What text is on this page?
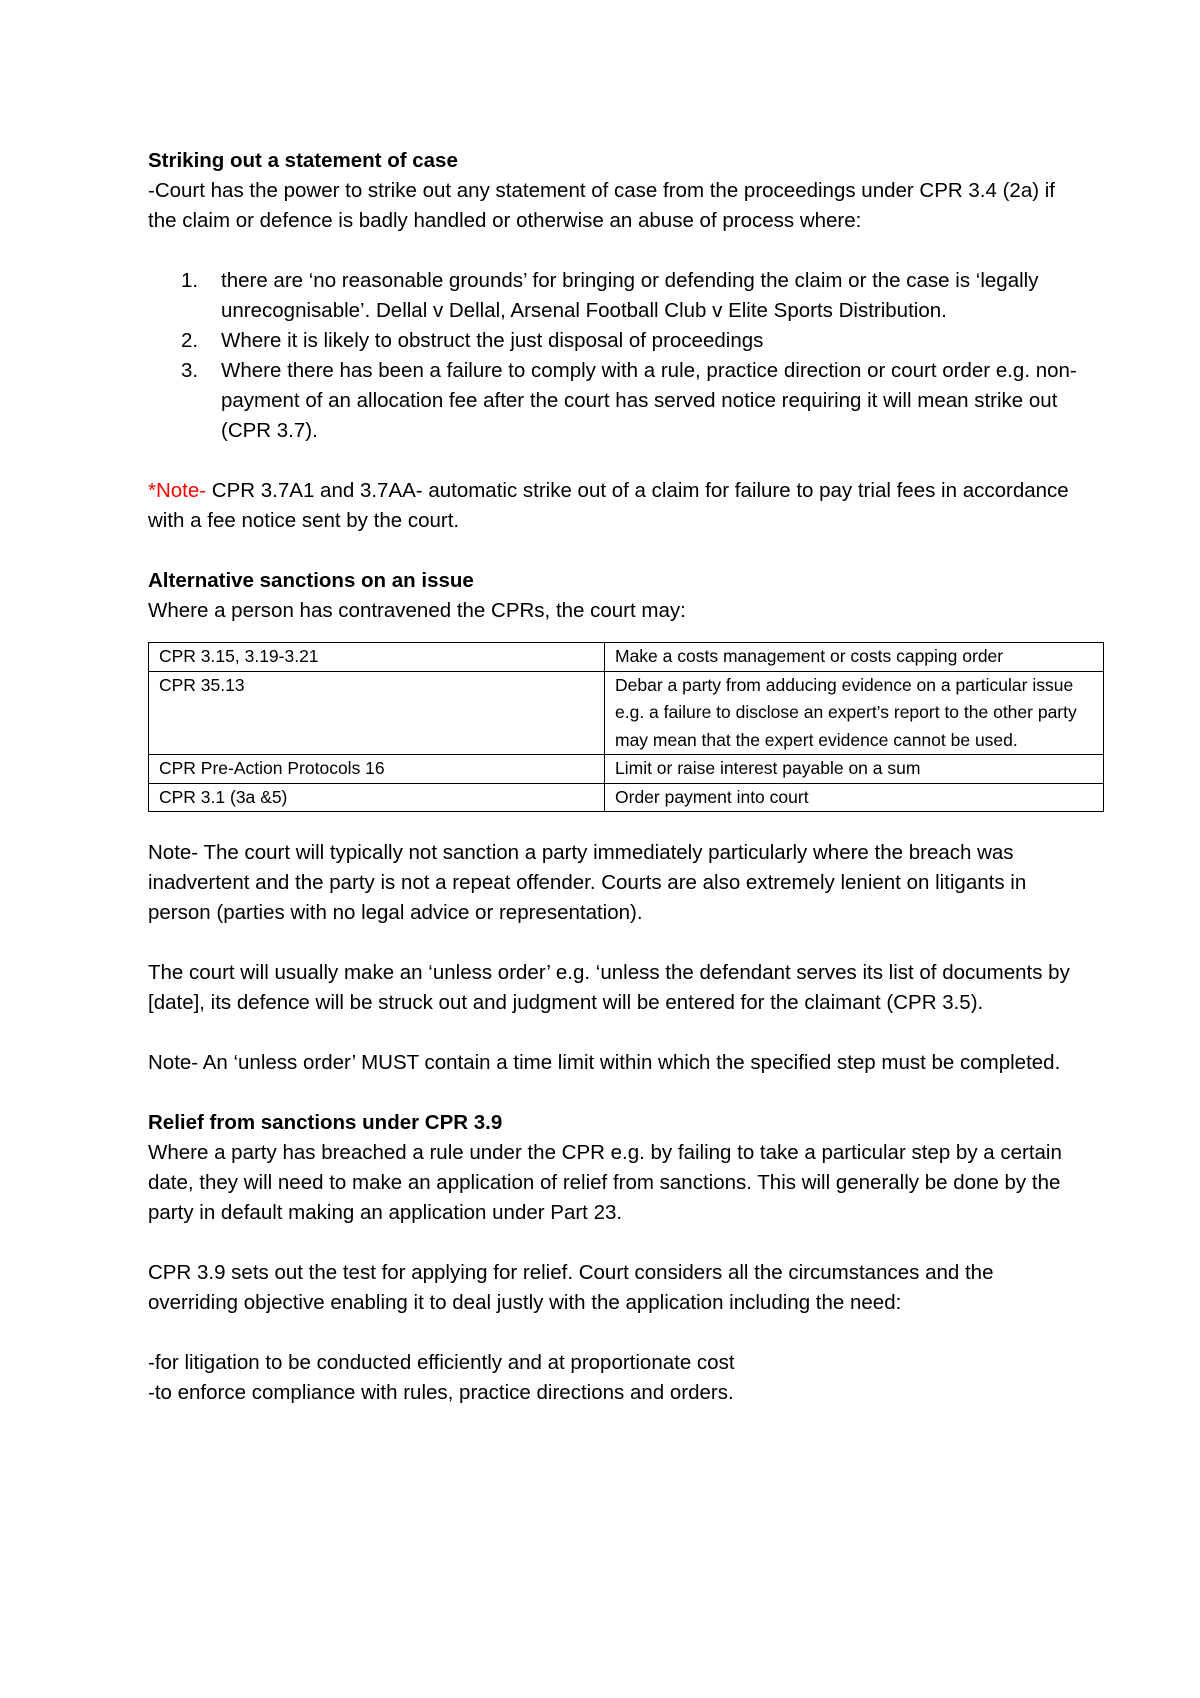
Striking out a statement of case

-Court has the power to strike out any statement of case from the proceedings under CPR 3.4 (2a) if the claim or defence is badly handled or otherwise an abuse of process where:

1. there are ‘no reasonable grounds’ for bringing or defending the claim or the case is ‘legally unrecognisable’. Dellal v Dellal, Arsenal Football Club v Elite Sports Distribution.
2. Where it is likely to obstruct the just disposal of proceedings
3. Where there has been a failure to comply with a rule, practice direction or court order e.g. non-payment of an allocation fee after the court has served notice requiring it will mean strike out (CPR 3.7).

*Note- CPR 3.7A1 and 3.7AA- automatic strike out of a claim for failure to pay trial fees in accordance with a fee notice sent by the court.

Alternative sanctions on an issue

Where a person has contravened the CPRs, the court may:

CPR 3.15, 3.19-3.21	Make a costs management or costs capping order
CPR 35.13	Debar a party from adducing evidence on a particular issue e.g. a failure to disclose an expert’s report to the other party may mean that the expert evidence cannot be used.
CPR Pre-Action Protocols 16	Limit or raise interest payable on a sum
CPR 3.1 (3a &5)	Order payment into court

Note- The court will typically not sanction a party immediately particularly where the breach was inadvertent and the party is not a repeat offender. Courts are also extremely lenient on litigants in person (parties with no legal advice or representation).

The court will usually make an ‘unless order’ e.g. ‘unless the defendant serves its list of documents by [date], its defence will be struck out and judgment will be entered for the claimant (CPR 3.5).

Note- An ‘unless order’ MUST contain a time limit within which the specified step must be completed.

Relief from sanctions under CPR 3.9

Where a party has breached a rule under the CPR e.g. by failing to take a particular step by a certain date, they will need to make an application of relief from sanctions. This will generally be done by the party in default making an application under Part 23.

CPR 3.9 sets out the test for applying for relief. Court considers all the circumstances and the overriding objective enabling it to deal justly with the application including the need:

-for litigation to be conducted efficiently and at proportionate cost

-to enforce compliance with rules, practice directions and orders.
